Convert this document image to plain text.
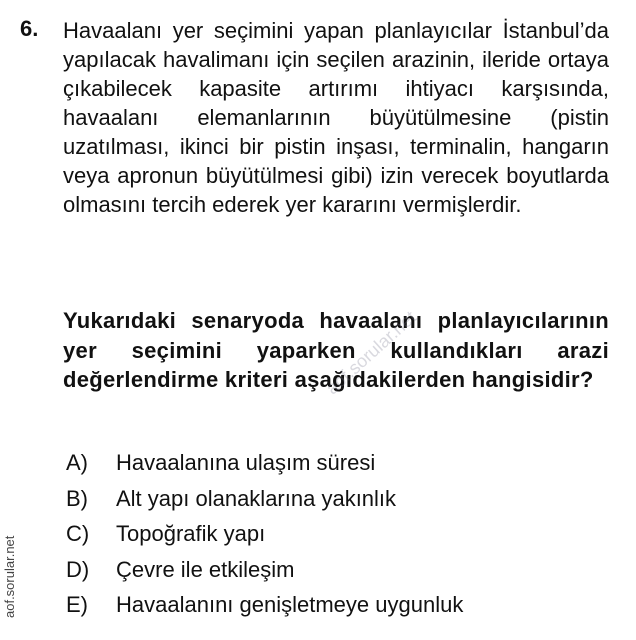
6. Havaalanı yer seçimini yapan planlayıcılar İstanbul’da yapılacak havalimanı için seçilen arazinin, ileride ortaya çıkabilecek kapasite artırımı ihtiyacı karşısında, havaalanı elemanlarının büyütülmesine (pistin uzatılması, ikinci bir pistin inşası, terminalin, hangarın veya apronun büyütülmesi gibi) izin verecek boyutlarda olmasını tercih ederek yer kararını vermişlerdir.
Yukarıdaki senaryoda havaalanı planlayıcılarının yer seçimini yaparken kullandıkları arazi değerlendirme kriteri aşağıdakilerden hangisidir?
A) Havaalanına ulaşım süresi
B) Alt yapı olanaklarına yakınlık
C) Topoğrafik yapı
D) Çevre ile etkileşim
E) Havaalanını genişletmeye uygunluk
aof.sorular.net
aof.sorular.net
